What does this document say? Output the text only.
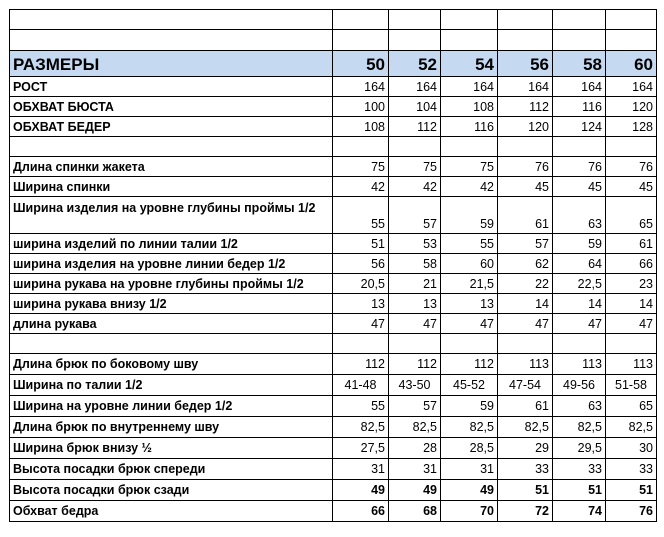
РАЗМЕРЫ	50	52	54	56	58	60
РОСТ	164	164	164	164	164	164
ОБХВАТ БЮСТА	100	104	108	112	116	120
ОБХВАТ БЕДЕР	108	112	116	120	124	128

Длина спинки жакета	75	75	75	76	76	76
Ширина спинки	42	42	42	45	45	45
Ширина изделия на уровне глубины проймы 1/2	55	57	59	61	63	65
ширина изделий по линии талии 1/2	51	53	55	57	59	61
ширина изделия на уровне линии бедер 1/2	56	58	60	62	64	66
ширина рукава на уровне глубины проймы 1/2	20,5	21	21,5	22	22,5	23
ширина рукава внизу 1/2	13	13	13	14	14	14
длина рукава	47	47	47	47	47	47

Длина брюк по боковому шву	112	112	112	113	113	113
Ширина по талии 1/2	41-48	43-50	45-52	47-54	49-56	51-58
Ширина на уровне линии бедер 1/2	55	57	59	61	63	65
Длина брюк по внутреннему шву	82,5	82,5	82,5	82,5	82,5	82,5
Ширина брюк внизу ½	27,5	28	28,5	29	29,5	30
Высота посадки брюк спереди	31	31	31	33	33	33
Высота посадки брюк сзади	49	49	49	51	51	51
Обхват бедра	66	68	70	72	74	76
